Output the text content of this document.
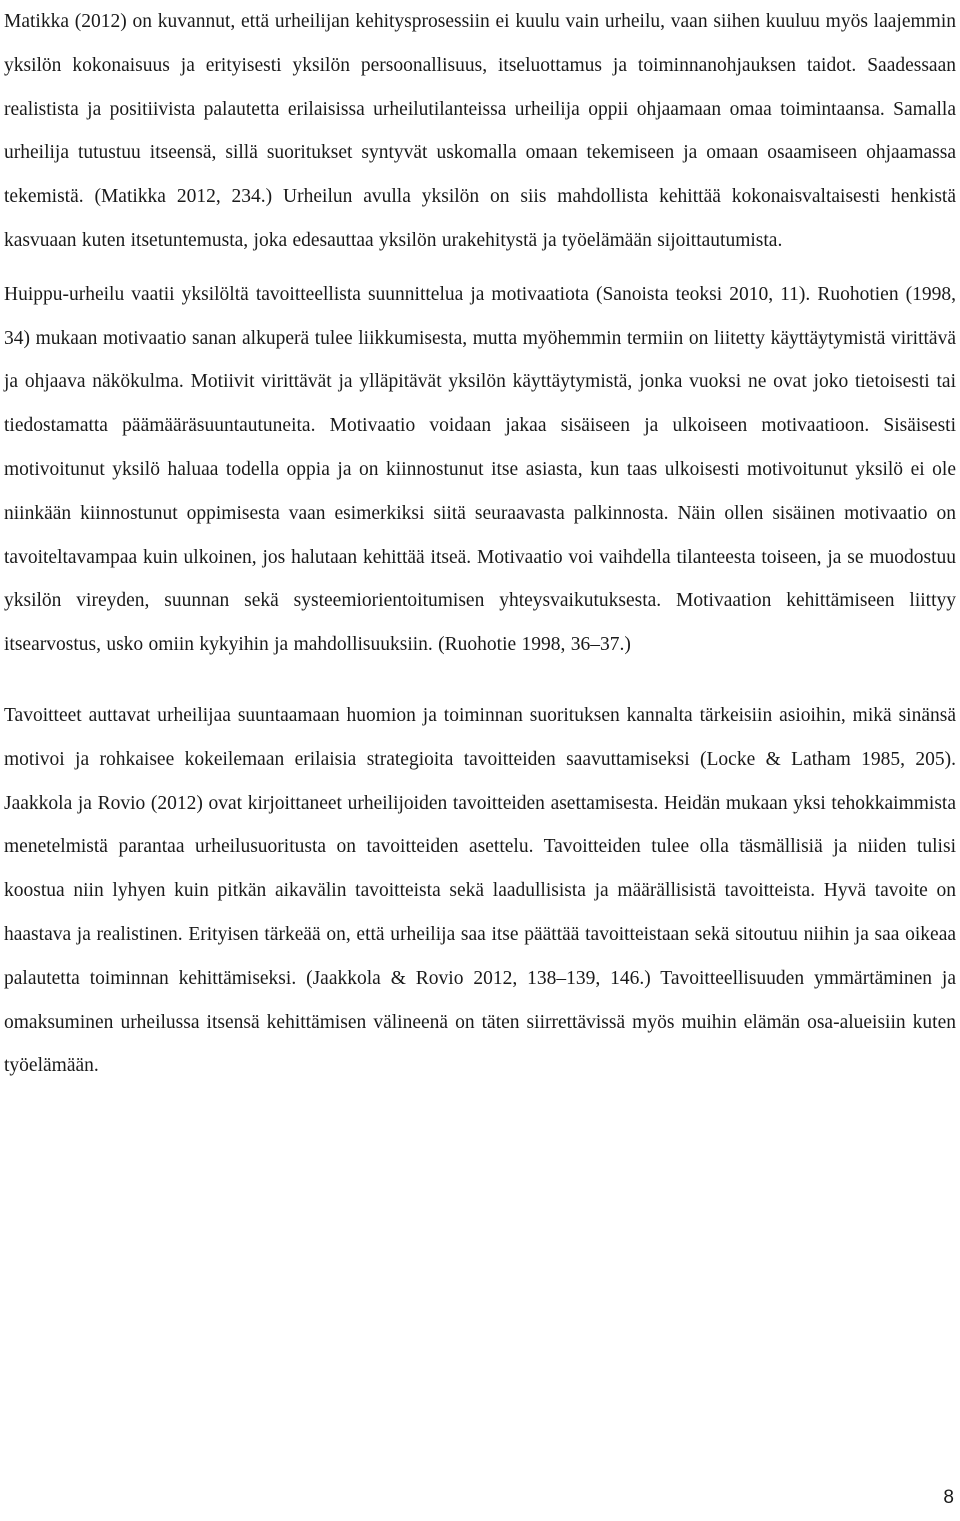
Matikka (2012) on kuvannut, että urheilijan kehitysprosessiin ei kuulu vain urheilu, vaan siihen kuuluu myös laajemmin yksilön kokonaisuus ja erityisesti yksilön persoonallisuus, itseluottamus ja toiminnanohjauksen taidot. Saadessaan realistista ja positiivista palautetta erilaisissa urheilutilanteissa urheilija oppii ohjaamaan omaa toimintaansa. Samalla urheilija tutustuu itseensä, sillä suoritukset syntyvät uskomalla omaan tekemiseen ja omaan osaamiseen ohjaamassa tekemistä. (Matikka 2012, 234.) Urheilun avulla yksilön on siis mahdollista kehittää kokonaisvaltaisesti henkistä kasvuaan kuten itsetuntemusta, joka edesauttaa yksilön urakehitystä ja työelämään sijoittautumista.

Huippu-urheilu vaatii yksilöltä tavoitteellista suunnittelua ja motivaatiota (Sanoista teoksi 2010, 11). Ruohotien (1998, 34) mukaan motivaatio sanan alkuperä tulee liikkumisesta, mutta myöhemmin termiin on liitetty käyttäytymistä virittävä ja ohjaava näkökulma. Motiivit virittävät ja ylläpitävät yksilön käyttäytymistä, jonka vuoksi ne ovat joko tietoisesti tai tiedostamatta päämääräsuuntautuneita. Motivaatio voidaan jakaa sisäiseen ja ulkoiseen motivaatioon. Sisäisesti motivoitunut yksilö haluaa todella oppia ja on kiinnostunut itse asiasta, kun taas ulkoisesti motivoitunut yksilö ei ole niinkään kiinnostunut oppimisesta vaan esimerkiksi siitä seuraavasta palkinnosta. Näin ollen sisäinen motivaatio on tavoiteltavampaa kuin ulkoinen, jos halutaan kehittää itseä. Motivaatio voi vaihdella tilanteesta toiseen, ja se muodostuu yksilön vireyden, suunnan sekä systeemiorientoitumisen yhteysvaikutuksesta. Motivaation kehittämiseen liittyy itsearvostus, usko omiin kykyihin ja mahdollisuuksiin. (Ruohotie 1998, 36–37.)

Tavoitteet auttavat urheilijaa suuntaamaan huomion ja toiminnan suorituksen kannalta tärkeisiin asioihin, mikä sinänsä motivoi ja rohkaisee kokeilemaan erilaisia strategioita tavoitteiden saavuttamiseksi (Locke & Latham 1985, 205). Jaakkola ja Rovio (2012) ovat kirjoittaneet urheilijoiden tavoitteiden asettamisesta. Heidän mukaan yksi tehokkaimmista menetelmistä parantaa urheilusuoritusta on tavoitteiden asettelu. Tavoitteiden tulee olla täsmällisiä ja niiden tulisi koostua niin lyhyen kuin pitkän aikavälin tavoitteista sekä laadullisista ja määrällisistä tavoitteista. Hyvä tavoite on haastava ja realistinen. Erityisen tärkeää on, että urheilija saa itse päättää tavoitteistaan sekä sitoutuu niihin ja saa oikeaa palautetta toiminnan kehittämiseksi. (Jaakkola & Rovio 2012, 138–139, 146.) Tavoitteellisuuden ymmärtäminen ja omaksuminen urheilussa itsensä kehittämisen välineenä on täten siirrettävissä myös muihin elämän osa-alueisiin kuten työelämään.

8
